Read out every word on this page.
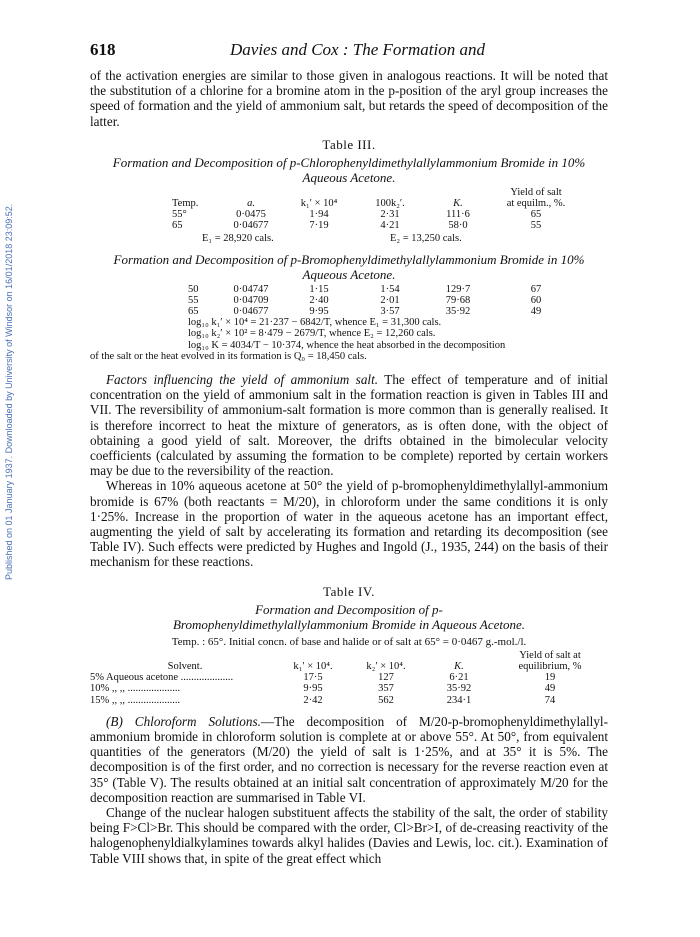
Published on 01 January 1937. Downloaded by University of Windsor on 16/01/2018 23:09:52.
618	Davies and Cox : The Formation and

of the activation energies are similar to those given in analogous reactions. It will be noted that the substitution of a chlorine for a bromine atom in the p-position of the aryl group increases the speed of formation and the yield of ammonium salt, but retards the speed of decomposition of the latter.

Table III.
Formation and Decomposition of p-Chlorophenyldimethylallylammonium Bromide in 10% Aqueous Acetone.
					Yield of salt
Temp.	a.	k₁′ × 10⁴	100k₂′.	K.	at equilm., %.
55°	0·0475	1·94	2·31	111·6	65
65	0·04677	7·19	4·21	58·0	55
E₁ = 28,920 cals.	E₂ = 13,250 cals.
Formation and Decomposition of p-Bromophenyldimethylallylammonium Bromide in 10% Aqueous Acetone.
50	0·04747	1·15	1·54	129·7	67
55	0·04709	2·40	2·01	79·68	60
65	0·04677	9·95	3·57	35·92	49
log₁₀ k₁′ × 10⁴ = 21·237 − 6842/T, whence E₁ = 31,300 cals.
log₁₀ k₂′ × 10² = 8·479 − 2679/T, whence E₂ = 12,260 cals.
log₁₀ K = 4034/T − 10·374, whence the heat absorbed in the decomposition
of the salt or the heat evolved in its formation is Q₀ = 18,450 cals.

Factors influencing the yield of ammonium salt. The effect of temperature and of initial concentration on the yield of ammonium salt in the formation reaction is given in Tables III and VII. The reversibility of ammonium-salt formation is more common than is generally realised. It is therefore incorrect to heat the mixture of generators, as is often done, with the object of obtaining a good yield of salt. Moreover, the drifts obtained in the bimolecular velocity coefficients (calculated by assuming the formation to be complete) reported by certain workers may be due to the reversibility of the reaction.

Whereas in 10% aqueous acetone at 50° the yield of p-bromophenyldimethylallyl-ammonium bromide is 67% (both reactants = M/20), in chloroform under the same conditions it is only 1·25%. Increase in the proportion of water in the aqueous acetone has an important effect, augmenting the yield of salt by accelerating its formation and retarding its decomposition (see Table IV). Such effects were predicted by Hughes and Ingold (J., 1935, 244) on the basis of their mechanism for these reactions.

Table IV.
Formation and Decomposition of p-Bromophenyldimethylallylammonium Bromide in Aqueous Acetone.
Temp. : 65°. Initial concn. of base and halide or of salt at 65° = 0·0467 g.-mol./l.
				Yield of salt at
Solvent.	k₁′ × 10⁴.	k₂′ × 10⁴.	K.	equilibrium, %
5% Aqueous acetone ....................	17·5	127	6·21	19
10% ,, ,, ....................	9·95	357	35·92	49
15% ,, ,, ....................	2·42	562	234·1	74

(B) Chloroform Solutions.—The decomposition of M/20-p-bromophenyldimethylallyl-ammonium bromide in chloroform solution is complete at or above 55°. At 50°, from equivalent quantities of the generators (M/20) the yield of salt is 1·25%, and at 35° it is 5%. The decomposition is of the first order, and no correction is necessary for the reverse reaction even at 35° (Table V). The results obtained at an initial salt concentration of approximately M/20 for the decomposition reaction are summarised in Table VI.

Change of the nuclear halogen substituent affects the stability of the salt, the order of stability being F>Cl>Br. This should be compared with the order, Cl>Br>I, of de-creasing reactivity of the halogenophenyldialkylamines towards alkyl halides (Davies and Lewis, loc. cit.). Examination of Table VIII shows that, in spite of the great effect which
